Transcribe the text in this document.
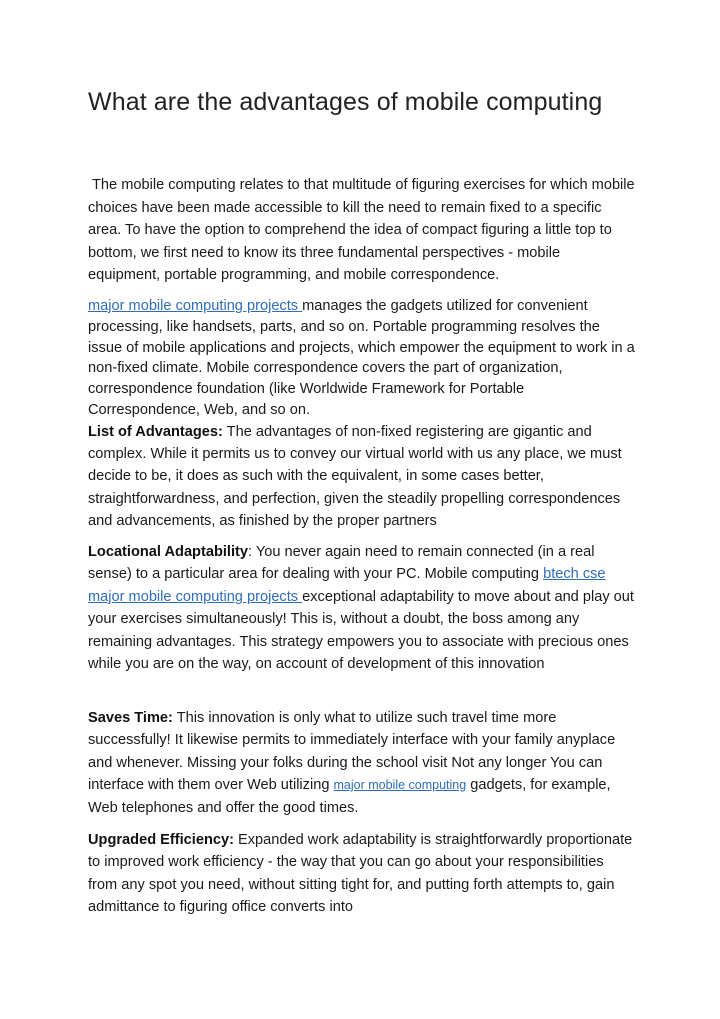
What are the advantages of mobile computing

The mobile computing relates to that multitude of figuring exercises for which mobile choices have been made accessible to kill the need to remain fixed to a specific area. To have the option to comprehend the idea of compact figuring a little top to bottom, we first need to know its three fundamental perspectives - mobile equipment, portable programming, and mobile correspondence.

major mobile computing projects manages the gadgets utilized for convenient processing, like handsets, parts, and so on. Portable programming resolves the issue of mobile applications and projects, which empower the equipment to work in a non-fixed climate. Mobile correspondence covers the part of organization, correspondence foundation (like Worldwide Framework for Portable Correspondence, Web, and so on.

List of Advantages: The advantages of non-fixed registering are gigantic and complex. While it permits us to convey our virtual world with us any place, we must decide to be, it does as such with the equivalent, in some cases better, straightforwardness, and perfection, given the steadily propelling correspondences and advancements, as finished by the proper partners

Locational Adaptability: You never again need to remain connected (in a real sense) to a particular area for dealing with your PC. Mobile computing btech cse major mobile computing projects exceptional adaptability to move about and play out your exercises simultaneously! This is, without a doubt, the boss among any remaining advantages. This strategy empowers you to associate with precious ones while you are on the way, on account of development of this innovation

Saves Time: This innovation is only what to utilize such travel time more successfully! It likewise permits to immediately interface with your family anyplace and whenever. Missing your folks during the school visit Not any longer You can interface with them over Web utilizing major mobile computing gadgets, for example, Web telephones and offer the good times.

Upgraded Efficiency: Expanded work adaptability is straightforwardly proportionate to improved work efficiency - the way that you can go about your responsibilities from any spot you need, without sitting tight for, and putting forth attempts to, gain admittance to figuring office converts into
